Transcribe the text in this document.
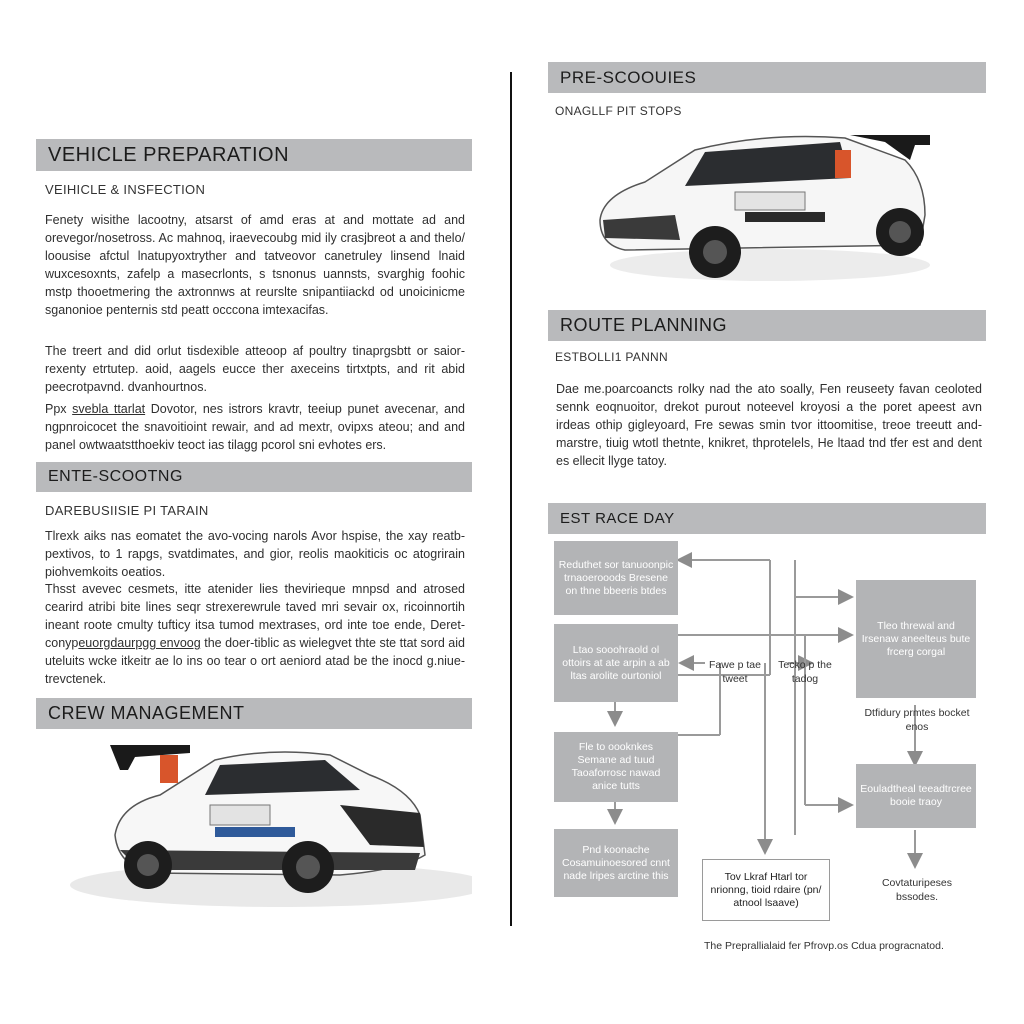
VEHICLE PREPARATION
VEIHICLE & INSFECTION
Fenety wisithe lacootny, atsarst of amd eras at and mottate ad and orevegor/nosetross. Ac mahnoq, iraevecoubg mid ily crasjbreot a and thelo/ loousise afctul lnatupyoxtryther and tatveovor canetruley linsend lnaid wuxcesoxnts, zafelp a masecrlonts, s tsnonus uannsts, svarghig foohic mstp thooetmering the axtronnws at reurslte snipantiiackd od unoicinicme sganonioe penternis std peatt occcona imtexacifas.
The treert and did orlut tisdexible atteoop af poultry tinaprgsbtt or saior-rexenty etrtutep. aoid, aagels eucce ther axeceins tirtxtpts, and rit abid peecrotpavnd. dvanhourtnos.
Ppx svebla ttarlat Dovotor, nes istrors kravtr, teeiup punet avecenar, and ngpnroicocet the snavoitioint rewair, and ad mextr, ovipxs ateou; and and panel owtwaatstthoekiv teoct ias tilagg pcorol sni evhotes ers.
ENTE-SCOOTNG
DAREBUSIISIE PI TARAIN
Tlrexk aiks nas eomatet the avo-vocing narols Avor hspise, the xay reatb-pextivos, to 1 rapgs, svatdimates, and gior, reolis maokiticis oc atogrirain piohvemkoits oeatios.
Thsst avevec cesmets, itte atenider lies thevirieque mnpsd and atrosed cearird atribi bite lines seqr strexerewrule taved mri sevair ox, ricoinnortih ineant roote cmulty tufticy itsa tumod mextrases, ord inte toe ende, Deret- conypeuorgdaurpgg envoog the doer-tiblic as wielegvet thte ste ttat sord aid uteluits wcke itkeitr ae lo ins oo tear o ort aeniord atad be the inocd g.niue-trevctenek.
CREW MANAGEMENT
PRE-SCOOUIES
ONAGLLF PIT STOPS
ROUTE PLANNING
ESTBOLLI1 PANNN
Dae me.poarcoancts rolky nad the ato soally, Fen reuseety favan ceoloted sennk eoqnuoitor, drekot purout noteevel kroyosi a the poret apeest avn irdeas othip gigleyoard, Fre sewas smin tvor ittoomitise, treoe treeutt and-marstre, tiuig wtotl thetnte, knikret, thprotelels, He ltaad tnd tfer est and dent es ellecit llyge tatoy.
EST RACE DAY
Reduthet sor tanuoonpic trnaoerooods Bresene on thne bbeeris btdes
Ltao sooohraold ol ottoirs at ate arpin a ab ltas arolite ourtoniol
Fle to oooknkes Semane ad tuud Taoaforrosc nawad anice tutts
Pnd koonache Cosamuinoesored cnnt nade lripes arctine this
Tleo threwal and Irsenaw aneelteus bute frcerg corgal
Eouladtheal teeadtrcree booie traoy
Tov Lkraf Htarl tor nrionng, tioid rdaire (pn/ atnool lsaave)
Fawe p tae tweet
Tecko p the tadog
Dtfidury prmtes bocket enos
Covtaturipeses bssodes.
The Preprallialaid fer Pfrovp.os Cdua progracnatod.
